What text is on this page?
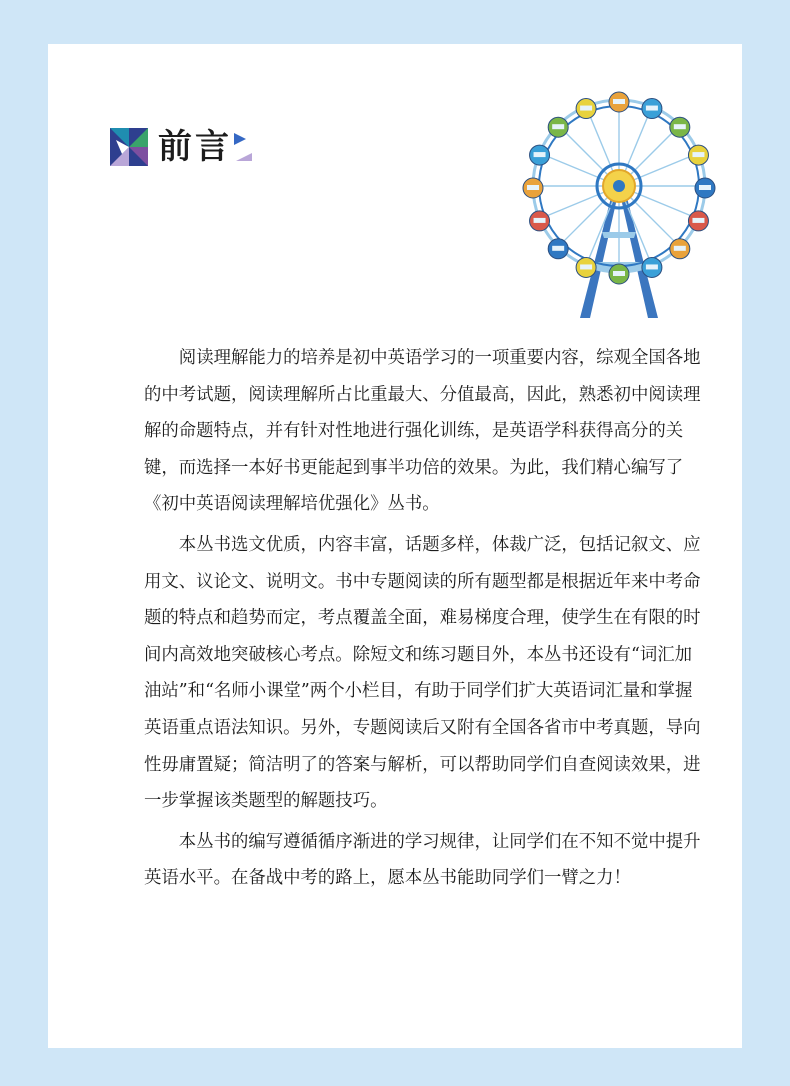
前言

阅读理解能力的培养是初中英语学习的一项重要内容，综观全国各地的中考试题，阅读理解所占比重最大、分值最高，因此，熟悉初中阅读理解的命题特点，并有针对性地进行强化训练，是英语学科获得高分的关键，而选择一本好书更能起到事半功倍的效果。为此，我们精心编写了《初中英语阅读理解培优强化》丛书。

本丛书选文优质，内容丰富，话题多样，体裁广泛，包括记叙文、应用文、议论文、说明文。书中专题阅读的所有题型都是根据近年来中考命题的特点和趋势而定，考点覆盖全面，难易梯度合理，使学生在有限的时间内高效地突破核心考点。除短文和练习题目外，本丛书还设有“词汇加油站”和“名师小课堂”两个小栏目，有助于同学们扩大英语词汇量和掌握英语重点语法知识。另外，专题阅读后又附有全国各省市中考真题，导向性毋庸置疑；简洁明了的答案与解析，可以帮助同学们自查阅读效果，进一步掌握该类题型的解题技巧。

本丛书的编写遵循循序渐进的学习规律，让同学们在不知不觉中提升英语水平。在备战中考的路上，愿本丛书能助同学们一臂之力！
